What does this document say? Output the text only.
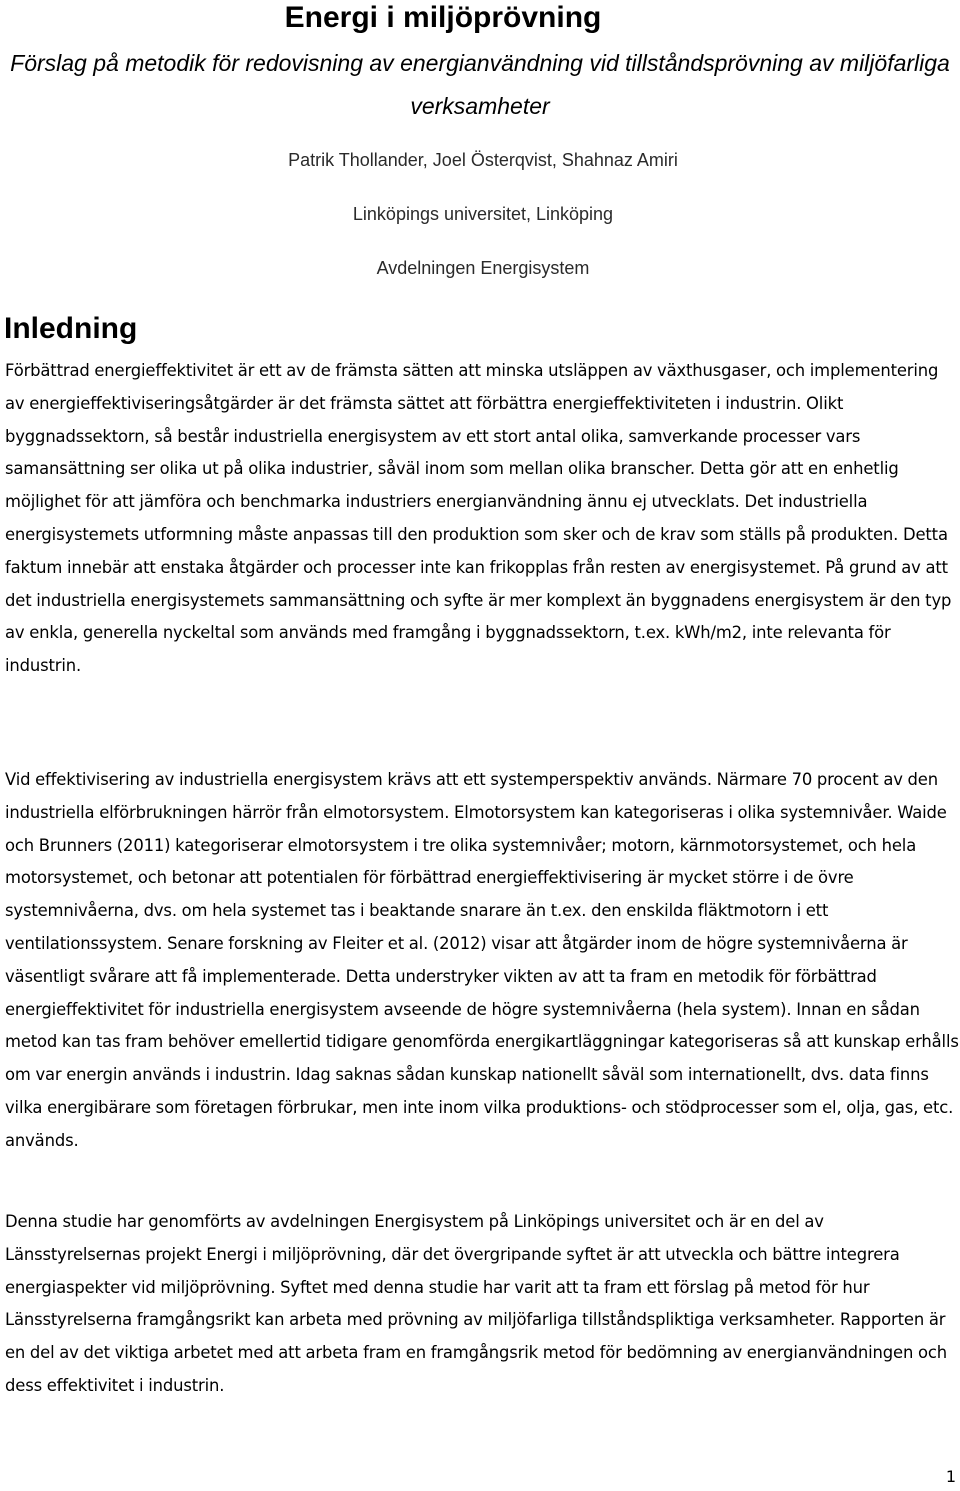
Energi i miljöprövning

Förslag på metodik för redovisning av energianvändning vid tillståndsprövning av miljöfarliga verksamheter

Patrik Thollander, Joel Österqvist, Shahnaz Amiri
Linköpings universitet, Linköping
Avdelningen Energisystem
Inledning

Förbättrad energieffektivitet är ett av de främsta sätten att minska utsläppen av växthusgaser, och implementering av energieffektiviseringsåtgärder är det främsta sättet att förbättra energieffektiviteten i industrin. Olikt byggnadssektorn, så består industriella energisystem av ett stort antal olika, samverkande processer vars samansättning ser olika ut på olika industrier, såväl inom som mellan olika branscher. Detta gör att en enhetlig möjlighet för att jämföra och benchmarka industriers energianvändning ännu ej utvecklats. Det industriella energisystemets utformning måste anpassas till den produktion som sker och de krav som ställs på produkten. Detta faktum innebär att enstaka åtgärder och processer inte kan frikopplas från resten av energisystemet. På grund av att det industriella energisystemets sammansättning och syfte är mer komplext än byggnadens energisystem är den typ av enkla, generella nyckeltal som används med framgång i byggnadssektorn, t.ex. kWh/m2, inte relevanta för industrin.

Vid effektivisering av industriella energisystem krävs att ett systemperspektiv används. Närmare 70 procent av den industriella elförbrukningen härrör från elmotorsystem. Elmotorsystem kan kategoriseras i olika systemnivåer. Waide och Brunners (2011) kategoriserar elmotorsystem i tre olika systemnivåer; motorn, kärnmotorsystemet, och hela motorsystemet, och betonar att potentialen för förbättrad energieffektivisering är mycket större i de övre systemnivåerna, dvs. om hela systemet tas i beaktande snarare än t.ex. den enskilda fläktmotorn i ett ventilationssystem. Senare forskning av Fleiter et al. (2012) visar att åtgärder inom de högre systemnivåerna är väsentligt svårare att få implementerade. Detta understryker vikten av att ta fram en metodik för förbättrad energieffektivitet för industriella energisystem avseende de högre systemnivåerna (hela system). Innan en sådan metod kan tas fram behöver emellertid tidigare genomförda energikartläggningar kategoriseras så att kunskap erhålls om var energin används i industrin. Idag saknas sådan kunskap nationellt såväl som internationellt, dvs. data finns vilka energibärare som företagen förbrukar, men inte inom vilka produktions- och stödprocesser som el, olja, gas, etc. används.

Denna studie har genomförts av avdelningen Energisystem på Linköpings universitet och är en del av Länsstyrelsernas projekt Energi i miljöprövning, där det övergripande syftet är att utveckla och bättre integrera energiaspekter vid miljöprövning. Syftet med denna studie har varit att ta fram ett förslag på metod för hur Länsstyrelserna framgångsrikt kan arbeta med prövning av miljöfarliga tillståndspliktiga verksamheter. Rapporten är en del av det viktiga arbetet med att arbeta fram en framgångsrik metod för bedömning av energianvändningen och dess effektivitet i industrin.

1
